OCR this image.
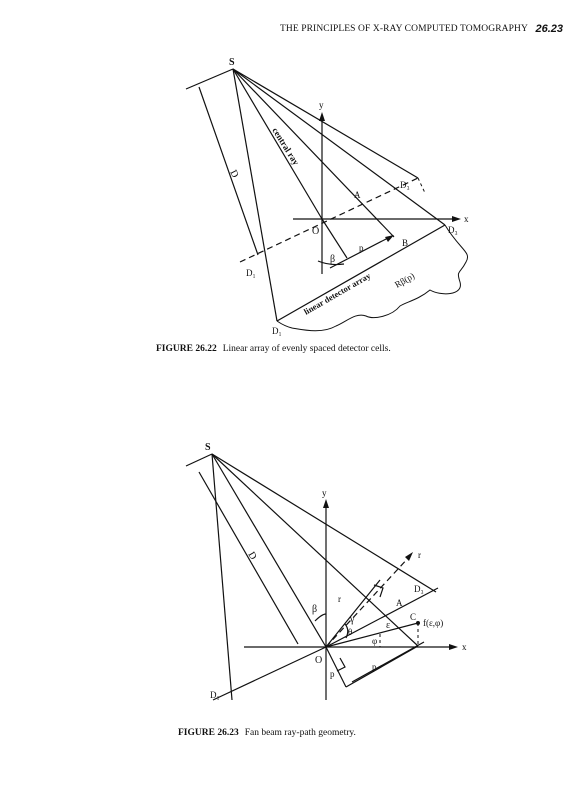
THE PRINCIPLES OF X-RAY COMPUTED TOMOGRAPHY 26.23
S
y
x
O
D
central ray
A
B
D₃
D₃
D₁
D₁
β
p
linear detector array Rβ(p)
FIGURE 26.22 Linear array of evenly spaced detector cells.
S
y
x
O
D	r
r
β
γ
θ
φ
ε
p
p
A
C
f(ε,φ)
D₃
D₁
FIGURE 26.23 Fan beam ray-path geometry.
